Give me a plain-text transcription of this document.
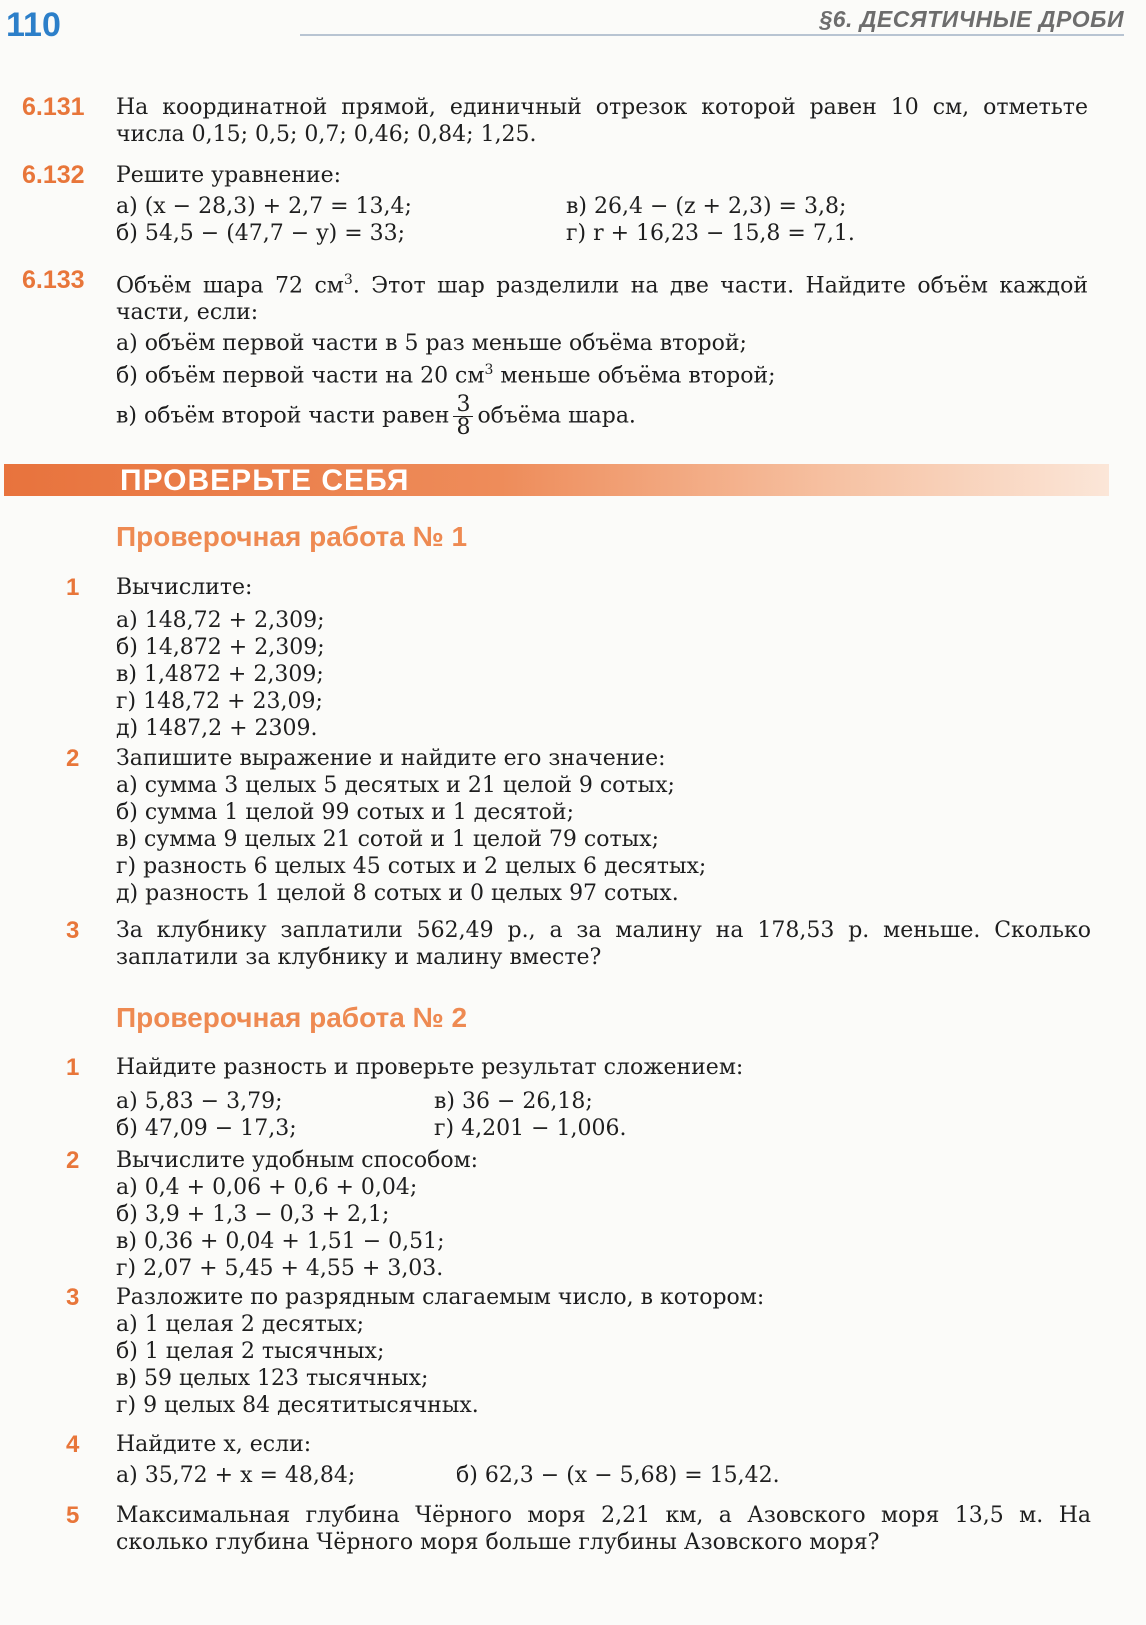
110	§6. ДЕСЯТИЧНЫЕ ДРОБИ
6.131 На координатной прямой, единичный отрезок которой равен 10 см, отметьте

числа 0,15; 0,5; 0,7; 0,46; 0,84; 1,25.

6.132 Решите уравнение:
а) (x − 28,3) + 2,7 = 13,4;	в) 26,4 − (z + 2,3) = 3,8;
б) 54,5 − (47,7 − y) = 33;	г) r + 16,23 − 15,8 = 7,1.
6.133 Объём шара 72 $см^3$. Этот шар разделили на две части. Найдите объём каждой

части, если:

а) объём первой части в 5 раз меньше объёма второй;

б) объём первой части на 20 $см^3$ меньше объёма второй;

в) объём второй части равен $\frac{3}{8}$ объёма шара.

ПРОВЕРЬТЕ СЕБЯ
Проверочная работа № 1
1 Вычислите:

а) 148,72 + 2,309;

б) 14,872 + 2,309;

в) 1,4872 + 2,309;

г) 148,72 + 23,09;

д) 1487,2 + 2309.

2 Запишите выражение и найдите его значение:

а) сумма 3 целых 5 десятых и 21 целой 9 сотых;

б) сумма 1 целой 99 сотых и 1 десятой;

в) сумма 9 целых 21 сотой и 1 целой 79 сотых;

г) разность 6 целых 45 сотых и 2 целых 6 десятых;

д) разность 1 целой 8 сотых и 0 целых 97 сотых.

3 За клубнику заплатили 562,49 р., а за малину на 178,53 р. меньше. Сколько

заплатили за клубнику и малину вместе?

Проверочная работа № 2
1 Найдите разность и проверьте результат сложением:
а) 5,83 − 3,79;	в) 36 − 26,18;
б) 47,09 − 17,3;	г) 4,201 − 1,006.
2 Вычислите удобным способом:

а) 0,4 + 0,06 + 0,6 + 0,04;

б) 3,9 + 1,3 − 0,3 + 2,1;

в) 0,36 + 0,04 + 1,51 − 0,51;

г) 2,07 + 5,45 + 4,55 + 3,03.

3 Разложите по разрядным слагаемым число, в котором:

а) 1 целая 2 десятых;

б) 1 целая 2 тысячных;

в) 59 целых 123 тысячных;

г) 9 целых 84 десятитысячных.

4 Найдите x, если:
а) 35,72 + x = 48,84;	б) 62,3 − (x − 5,68) = 15,42.
5 Максимальная глубина Чёрного моря 2,21 км, а Азовского моря 13,5 м. На

сколько глубина Чёрного моря больше глубины Азовского моря?
